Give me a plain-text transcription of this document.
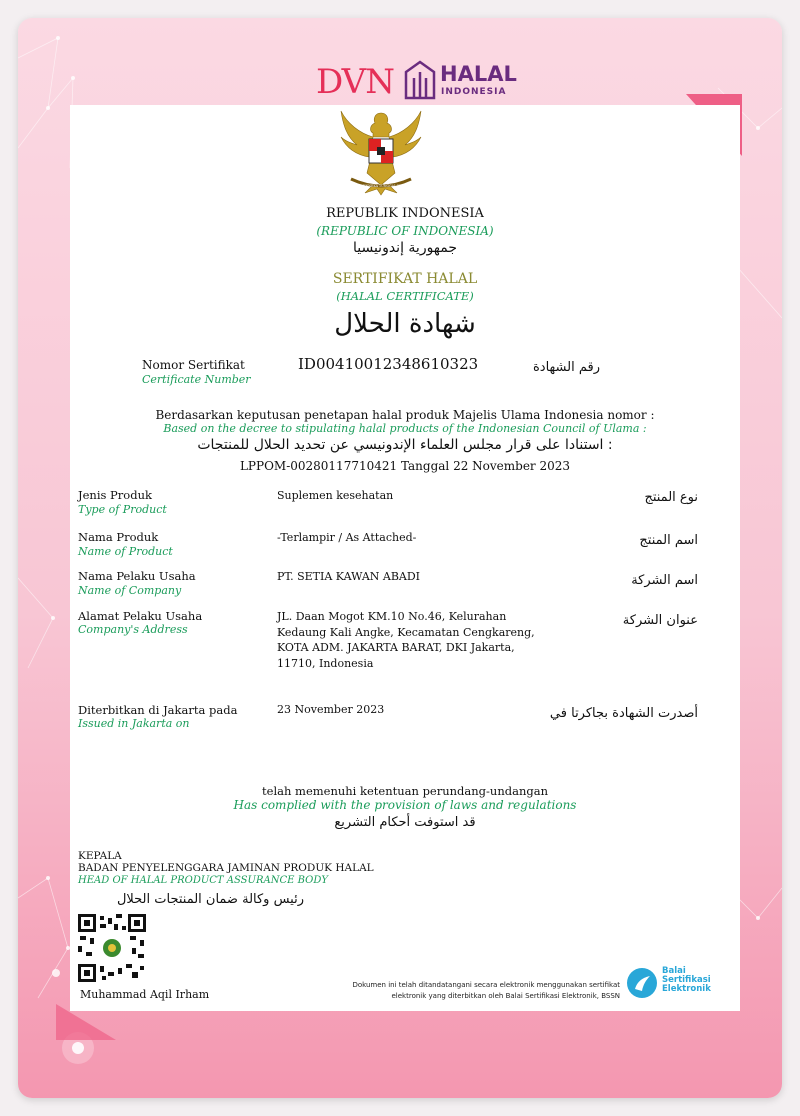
DVN HALAL
INDONESIA
BHINNEKA TUNGGAL IKA
REPUBLIK INDONESIA
(REPUBLIC OF INDONESIA)
جمهورية إندونيسيا
SERTIFIKAT HALAL
(HALAL CERTIFICATE)
شهادة الحلال
Nomor Sertifikat
Certificate Number
ID00410012348610323	رقم الشهادة
Berdasarkan keputusan penetapan halal produk Majelis Ulama Indonesia nomor :
Based on the decree to stipulating halal products of the Indonesian Council of Ulama :
استنادا على قرار مجلس العلماء الإندونيسي عن تحديد الحلال للمنتجات :
LPPOM-00280117710421 Tanggal 22 November 2023
Jenis Produk
Type of Product
Suplemen kesehatan	نوع المنتج
Nama Produk
Name of Product
-Terlampir / As Attached-	اسم المنتج
Nama Pelaku Usaha
Name of Company
PT. SETIA KAWAN ABADI	اسم الشركة
Alamat Pelaku Usaha
Company's Address
JL. Daan Mogot KM.10 No.46, Kelurahan
Kedaung Kali Angke, Kecamatan Cengkareng,
KOTA ADM. JAKARTA BARAT, DKI Jakarta,
11710, Indonesia
عنوان الشركة
Diterbitkan di Jakarta pada
Issued in Jakarta on
23 November 2023	أصدرت الشهادة بجاكرتا في
telah memenuhi ketentuan perundang-undangan
Has complied with the provision of laws and regulations
قد استوفت أحكام التشريع
KEPALA
BADAN PENYELENGGARA JAMINAN PRODUK HALAL
HEAD OF HALAL PRODUCT ASSURANCE BODY
رئيس وكالة ضمان المنتجات الحلال
Muhammad Aqil Irham
Dokumen ini telah ditandatangani secara elektronik menggunakan sertifikat
elektronik yang diterbitkan oleh Balai Sertifikasi Elektronik, BSSN
Balai
Sertifikasi
Elektronik
